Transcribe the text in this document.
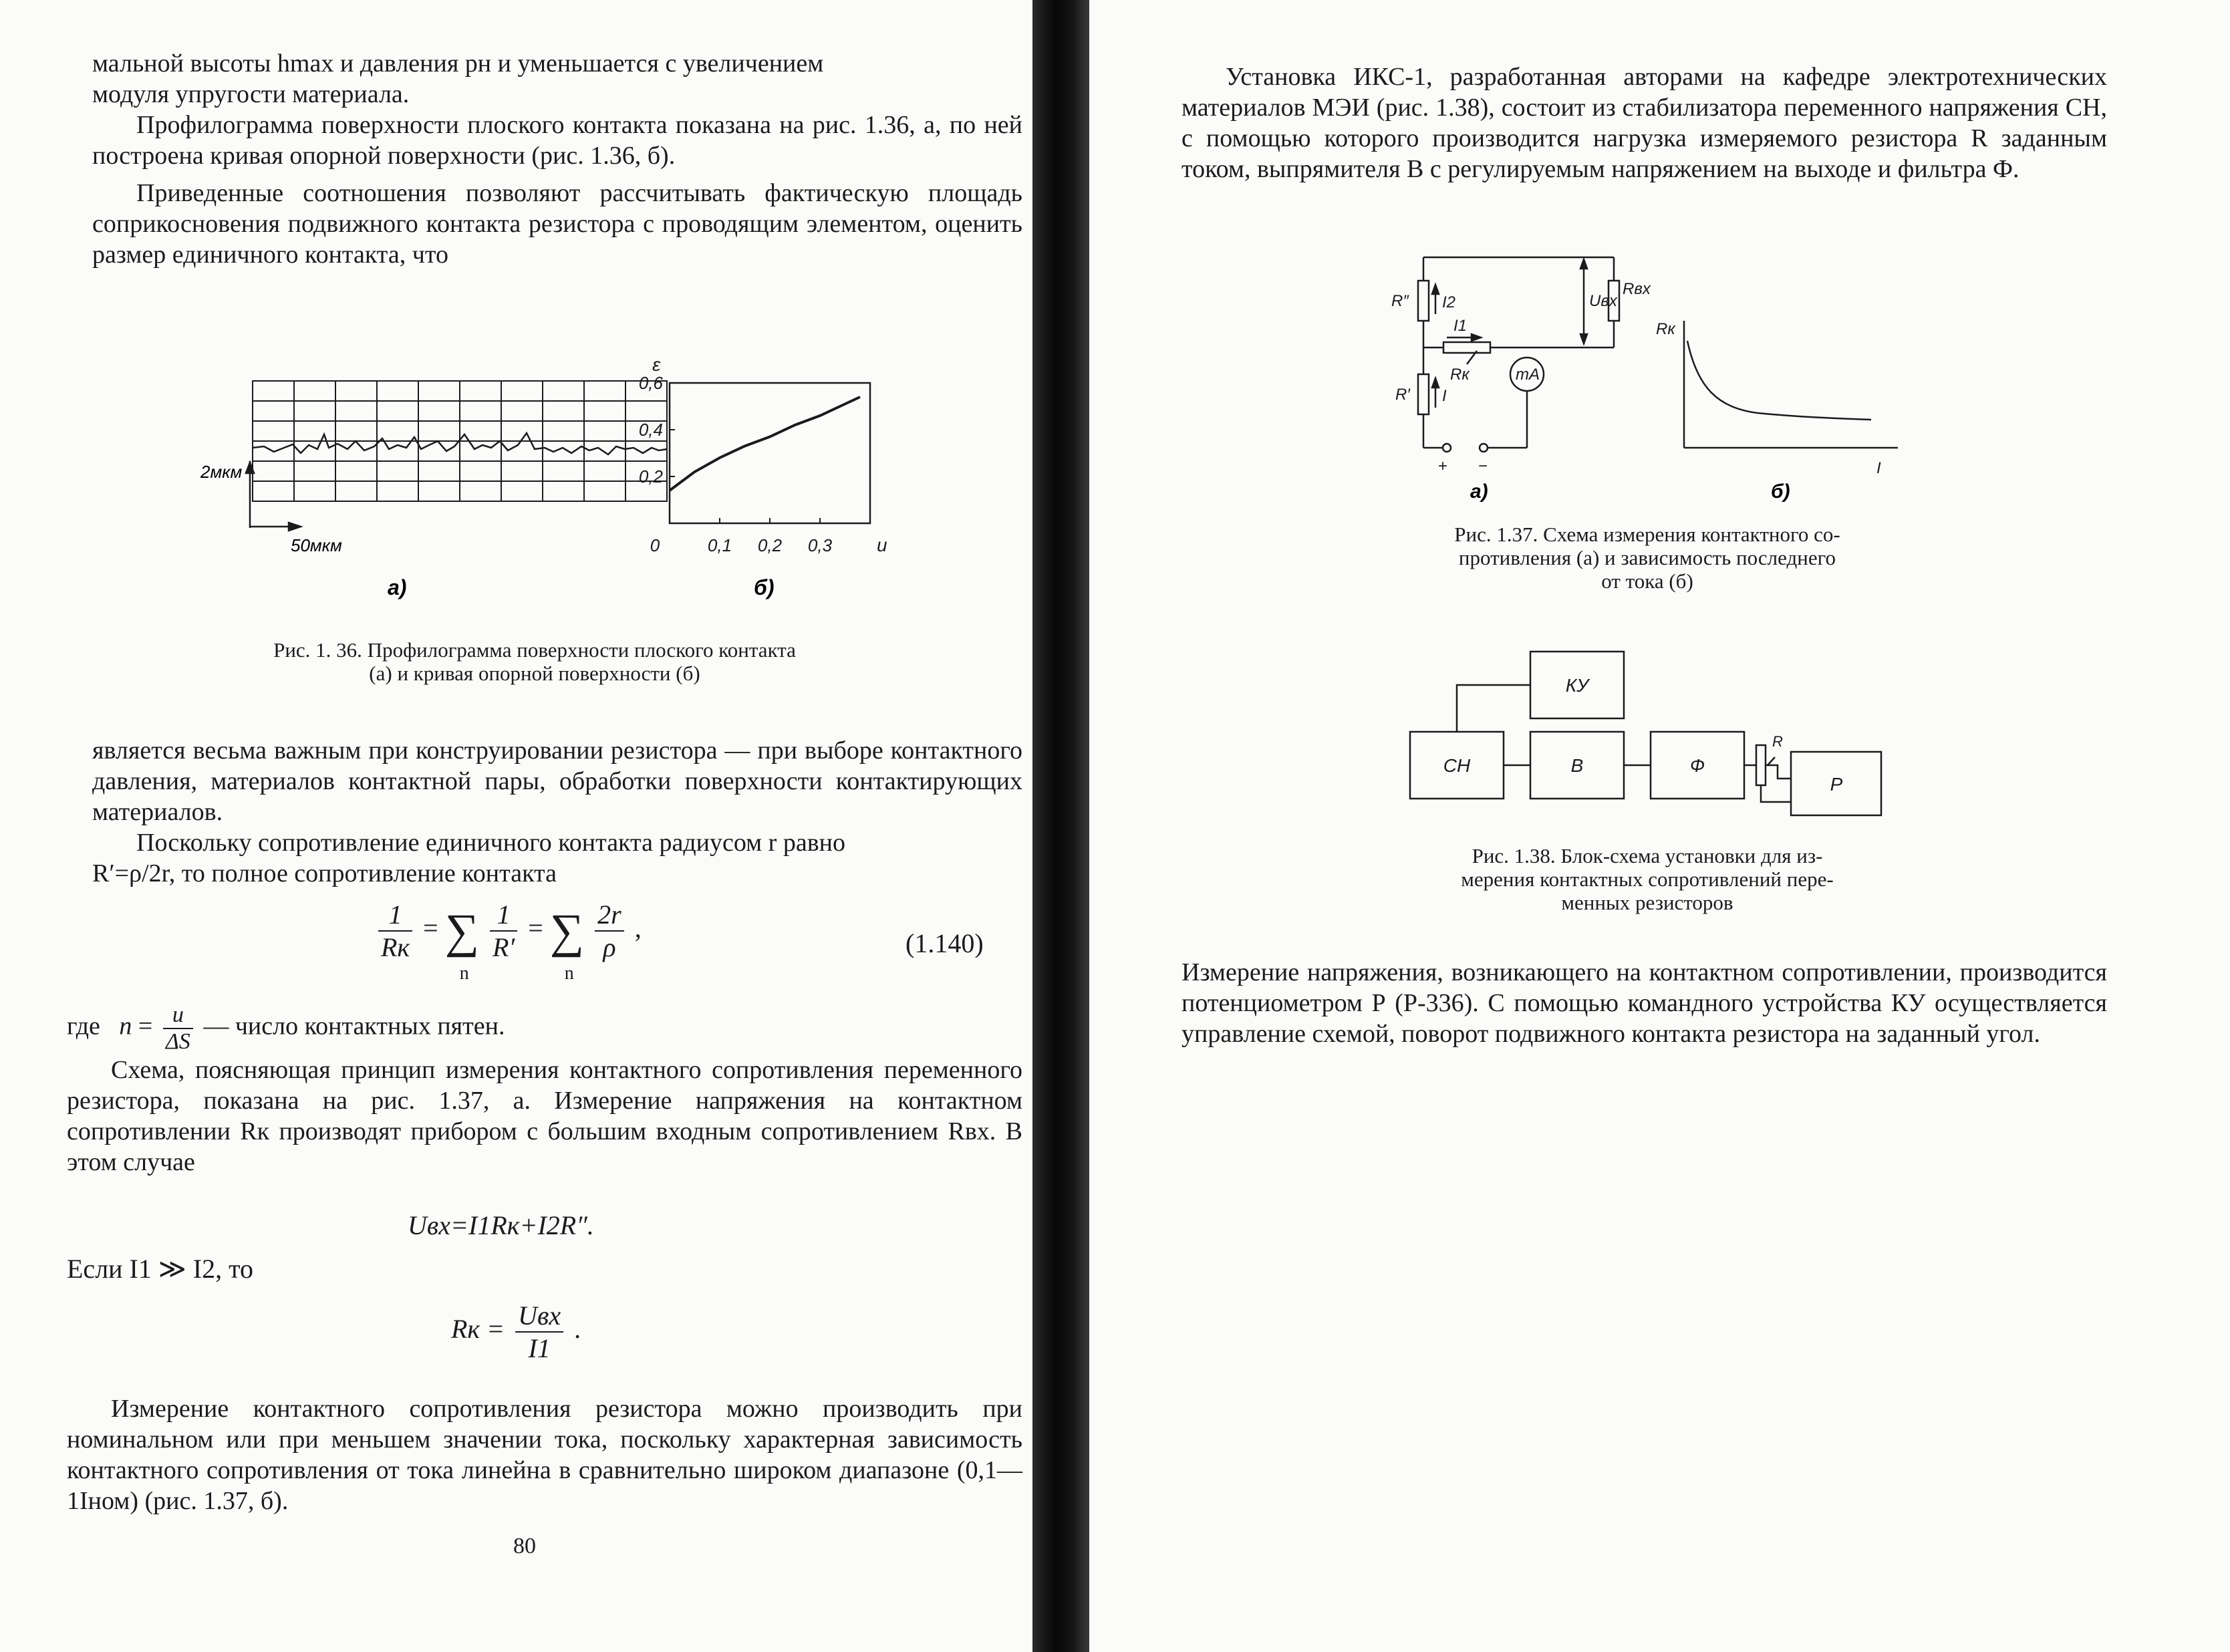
мальной высоты hmax и давления pн и уменьшается с увеличением
модуля упругости материала.

Профилограмма поверхности плоского контакта показана на рис. 1.36, а, по ней построена кривая опорной поверхности (рис. 1.36, б).

Приведенные соотношения позволяют рассчитывать фактическую площадь соприкосновения подвижного контакта резистора с проводящим элементом, оценить размер единичного контакта, что

2мкм
50мкм
а)	б)
0,2
0,4
0,6
0	0,1 0,2 0,3
ε
u
Рис. 1. 36. Профилограмма поверхности плоского контакта
(а) и кривая опорной поверхности (б)

является весьма важным при конструировании резистора — при выборе контактного давления, материалов контактной пары, обработки поверхности контактирующих материалов.

Поскольку сопротивление единичного контакта радиусом r равно
R′=ρ/2r, то полное сопротивление контакта
$\frac{1}{Rк}$ = ∑
n

$\frac{1}{R'}$ = ∑
n

$\frac{2r}{\rho}$ ,
(1.140)
где $n = \frac{u}{\Delta S}$ — число контактных пятен.

Схема, поясняющая принцип измерения контактного сопротивления переменного резистора, показана на рис. 1.37, а. Измерение напряжения на контактном сопротивлении Rк производят прибором с большим входным сопротивлением Rвх. В этом случае

Uвх=I1Rк+I2R″.
Если I1 ≫ I2, то
Rк = $\frac{\text{Uвх}}{I1}$ .

Измерение контактного сопротивления резистора можно производить при номинальном или при меньшем значении тока, поскольку характерная зависимость контактного сопротивления от тока линейна в сравнительно широком диапазоне (0,1—1Iном) (рис. 1.37, б).

80

Установка ИКС-1, разработанная авторами на кафедре электротехнических материалов МЭИ (рис. 1.38), состоит из стабилизатора переменного напряжения СН, с помощью которого производится нагрузка измеряемого резистора R заданным током, выпрямителя В с регулируемым напряжением на выходе и фильтра Ф.

R″ I2
I1
Uвх
Rвх
Rк
R′ I
mA
+ −
Rк
I
а)	б)
Рис. 1.37. Схема измерения контактного со-
противления (а) и зависимость последнего
от тока (б)
КУ
СН	В	Ф
Р
R
Рис. 1.38. Блок-схема установки для из-
мерения контактных сопротивлений пере-
менных резисторов

Измерение напряжения, возникающего на контактном сопротивлении, производится потенциометром Р (Р-336). С помощью командного устройства КУ осуществляется управление схемой, поворот подвижного контакта резистора на заданный угол.
